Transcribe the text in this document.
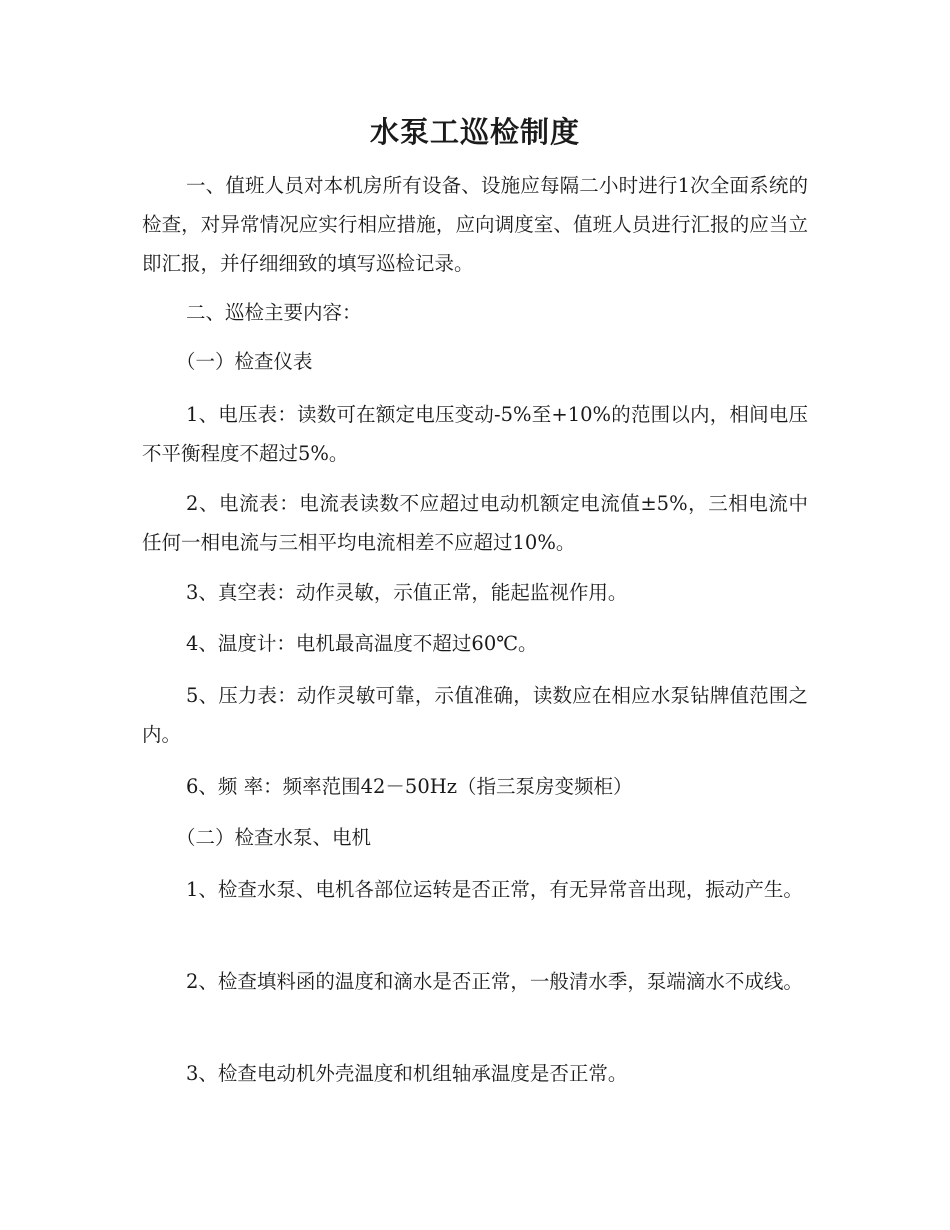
水泵工巡检制度

一、值班人员对本机房所有设备、设施应每隔二小时进行1次全面系统的检查，对异常情况应实行相应措施，应向调度室、值班人员进行汇报的应当立即汇报，并仔细细致的填写巡检记录。

二、巡检主要内容：

（一）检查仪表

1、电压表：读数可在额定电压变动-5%至+10%的范围以内，相间电压不平衡程度不超过5%。

2、电流表：电流表读数不应超过电动机额定电流值±5%，三相电流中任何一相电流与三相平均电流相差不应超过10%。

3、真空表：动作灵敏，示值正常，能起监视作用。

4、温度计：电机最高温度不超过60℃。

5、压力表：动作灵敏可靠，示值准确，读数应在相应水泵钻牌值范围之内。

6、频 率：频率范围42－50Hz（指三泵房变频柜）

（二）检查水泵、电机

1、检查水泵、电机各部位运转是否正常，有无异常音出现，振动产生。

2、检查填料函的温度和滴水是否正常，一般清水季，泵端滴水不成线。

3、检查电动机外壳温度和机组轴承温度是否正常。
